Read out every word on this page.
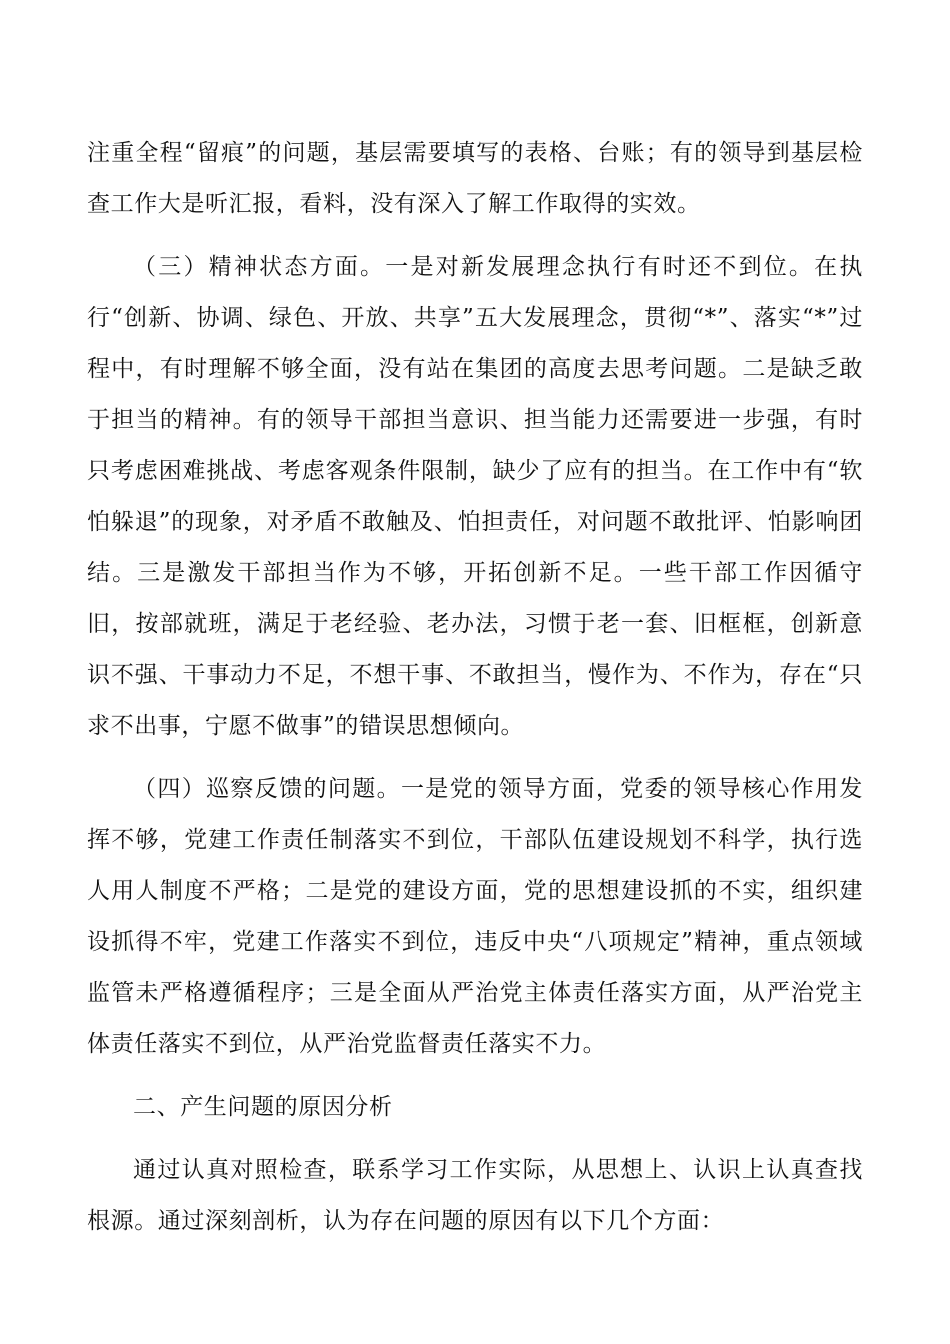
注重全程“留痕”的问题，基层需要填写的表格、台账；有的领导到基层检查工作大是听汇报，看料，没有深入了解工作取得的实效。

（三）精神状态方面。一是对新发展理念执行有时还不到位。在执行“创新、协调、绿色、开放、共享”五大发展理念，贯彻“*”、落实“*”过程中，有时理解不够全面，没有站在集团的高度去思考问题。二是缺乏敢于担当的精神。有的领导干部担当意识、担当能力还需要进一步强，有时只考虑困难挑战、考虑客观条件限制，缺少了应有的担当。在工作中有“软怕躲退”的现象，对矛盾不敢触及、怕担责任，对问题不敢批评、怕影响团结。三是激发干部担当作为不够，开拓创新不足。一些干部工作因循守旧，按部就班，满足于老经验、老办法，习惯于老一套、旧框框，创新意识不强、干事动力不足，不想干事、不敢担当，慢作为、不作为，存在“只求不出事，宁愿不做事”的错误思想倾向。

（四）巡察反馈的问题。一是党的领导方面，党委的领导核心作用发挥不够，党建工作责任制落实不到位，干部队伍建设规划不科学，执行选人用人制度不严格；二是党的建设方面，党的思想建设抓的不实，组织建设抓得不牢，党建工作落实不到位，违反中央“八项规定”精神，重点领域监管未严格遵循程序；三是全面从严治党主体责任落实方面，从严治党主体责任落实不到位，从严治党监督责任落实不力。

二、产生问题的原因分析

通过认真对照检查，联系学习工作实际，从思想上、认识上认真查找根源。通过深刻剖析，认为存在问题的原因有以下几个方面：
